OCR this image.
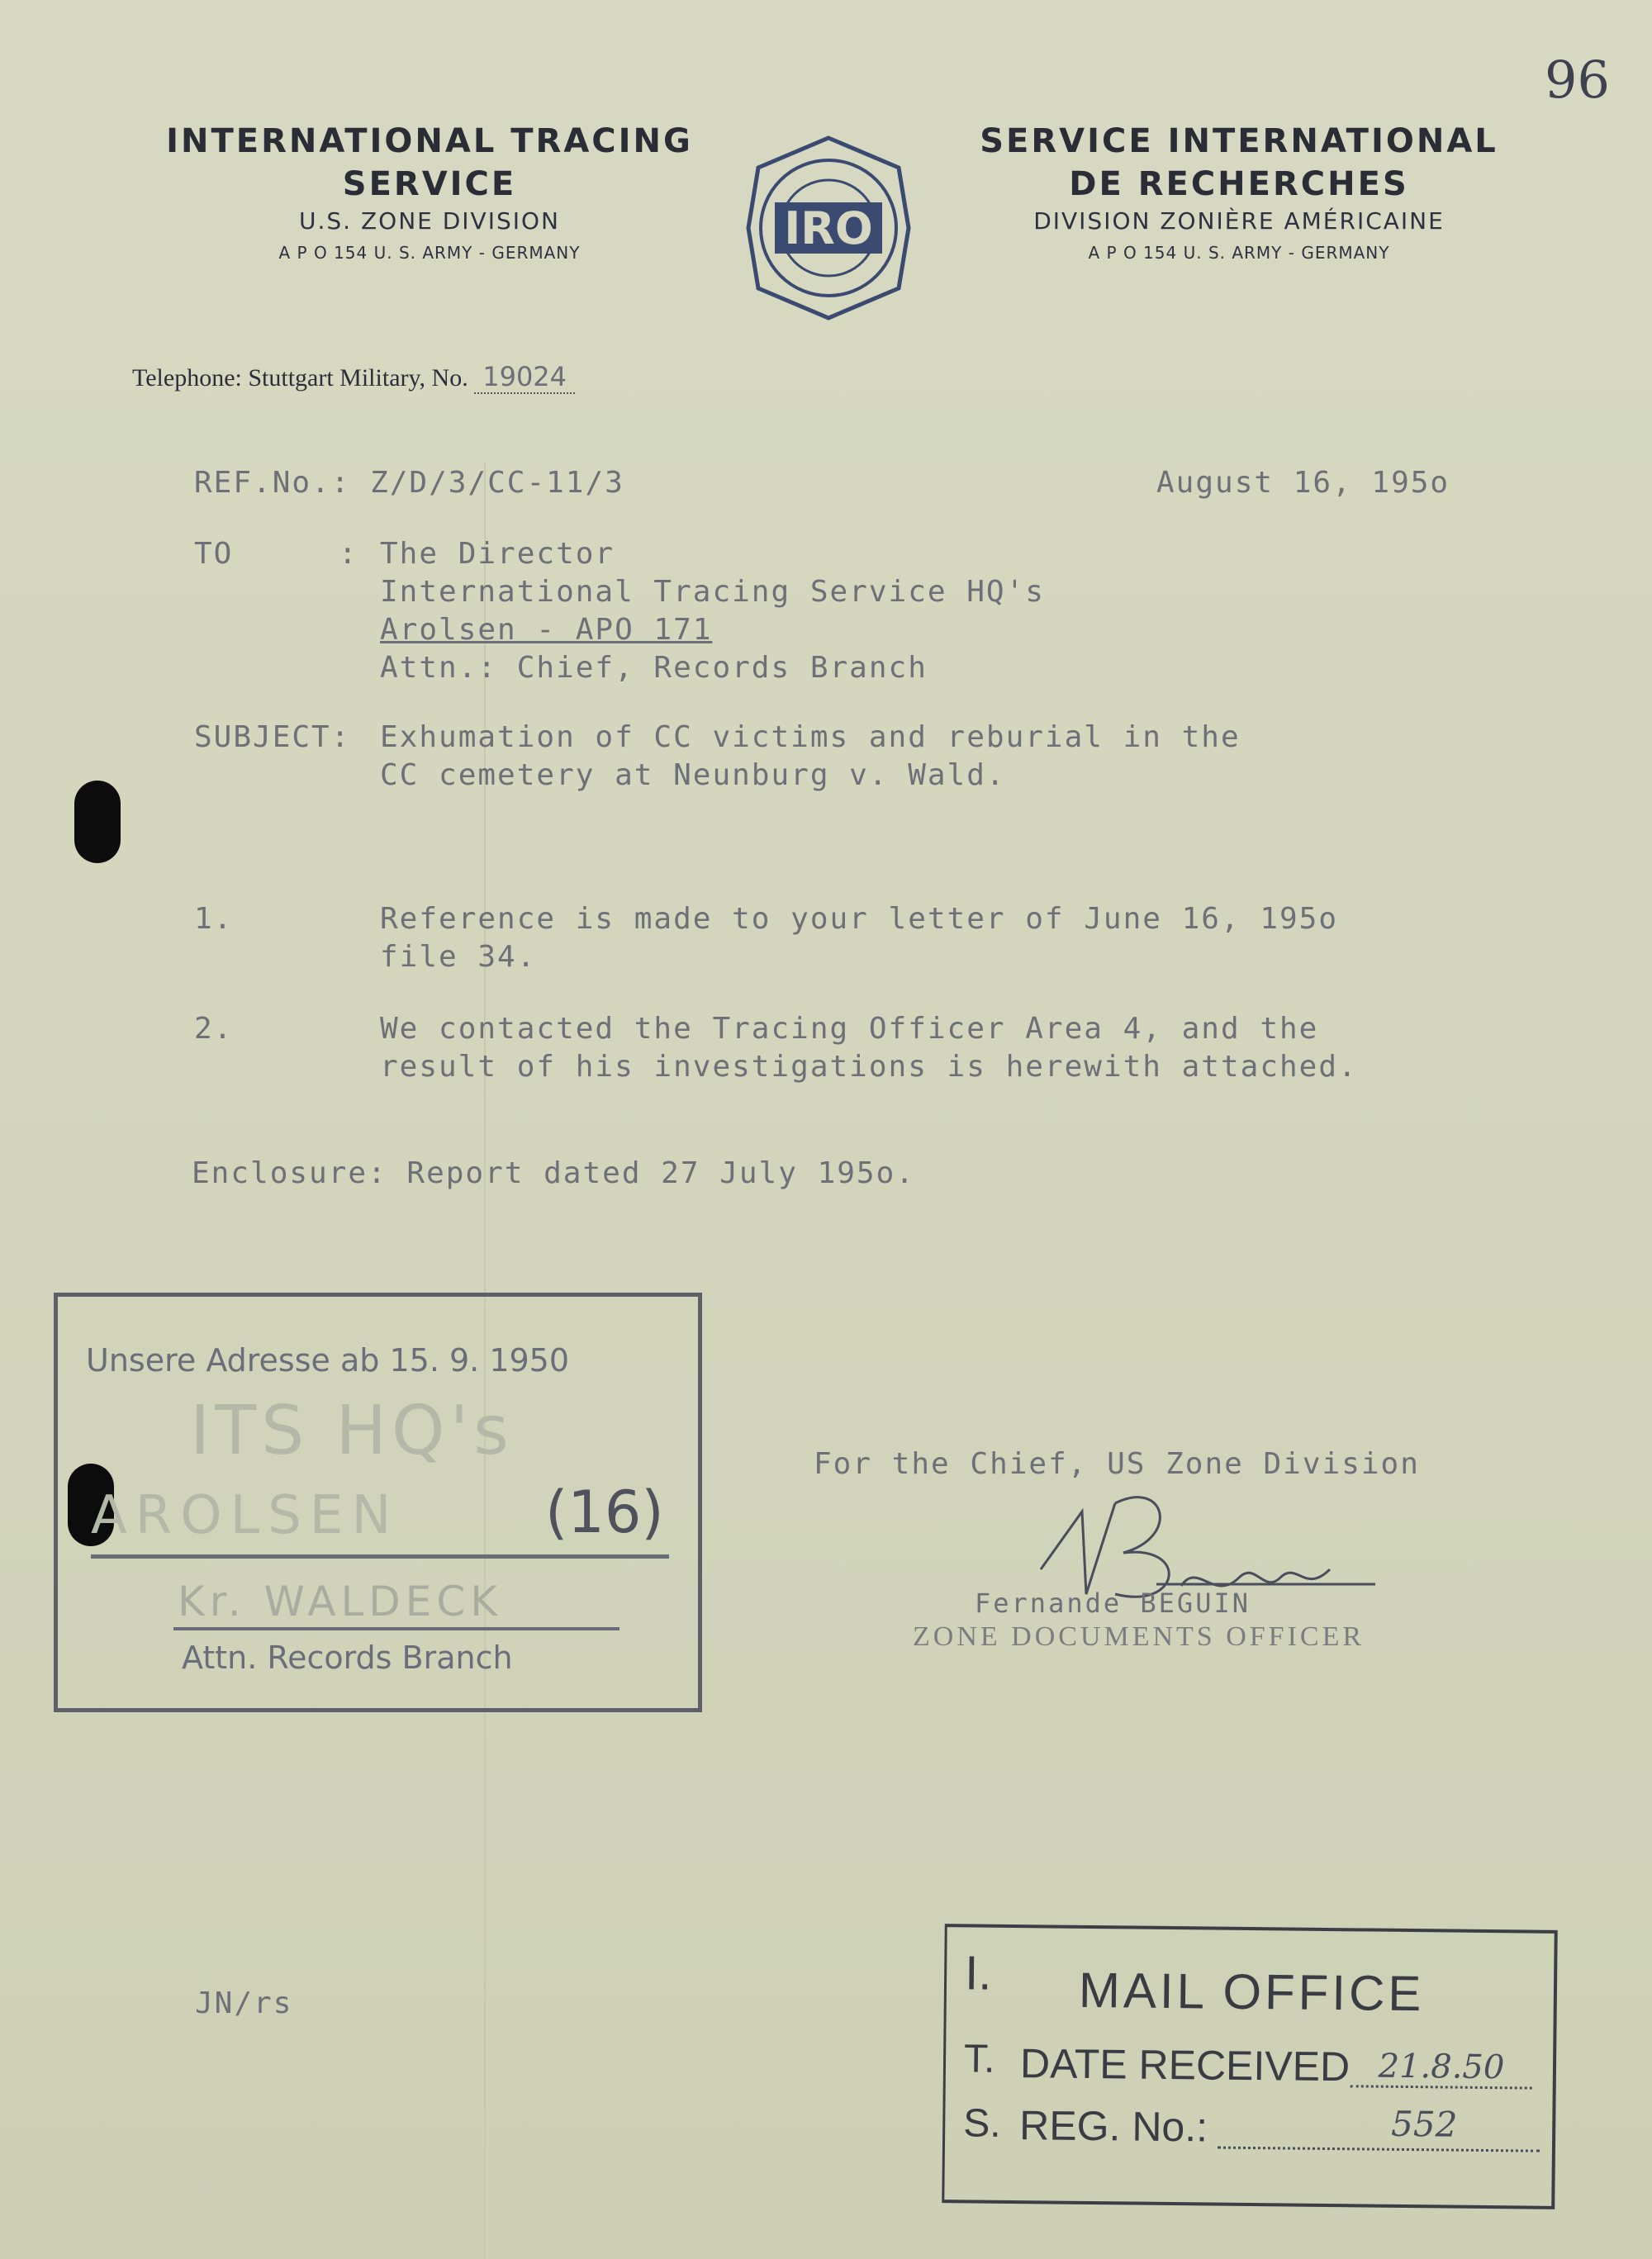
96
INTERNATIONAL TRACING
SERVICE
U.S. ZONE DIVISION
A P O 154 U. S. ARMY - GERMANY	IRO
SERVICE INTERNATIONAL
DE RECHERCHES
DIVISION ZONIÈRE AMÉRICAINE
A P O 154 U. S. ARMY - GERMANY
Telephone: Stuttgart Military, No. 19024
REF.No.: Z/D/3/CC-11/3	August 16, 195o
TO	: The Director
International Tracing Service HQ's
Arolsen - APO 171
Attn.: Chief, Records Branch
SUBJECT: Exhumation of CC victims and reburial in the
CC cemetery at Neunburg v. Wald.
1.	Reference is made to your letter of June 16, 195o
file 34.
2.	We contacted the Tracing Officer Area 4, and the
result of his investigations is herewith attached.
Enclosure: Report dated 27 July 195o.
Unsere Adresse ab 15. 9. 1950
ITS HQ's
AROLSEN	(16)
Kr. WALDECK
Attn. Records Branch
For the Chief, US Zone Division
Fernande BEGUIN
ZONE DOCUMENTS OFFICER
JN/rs
I.
T.
S.
MAIL OFFICE
DATE RECEIVED 21.8.50
REG. No.:	552
